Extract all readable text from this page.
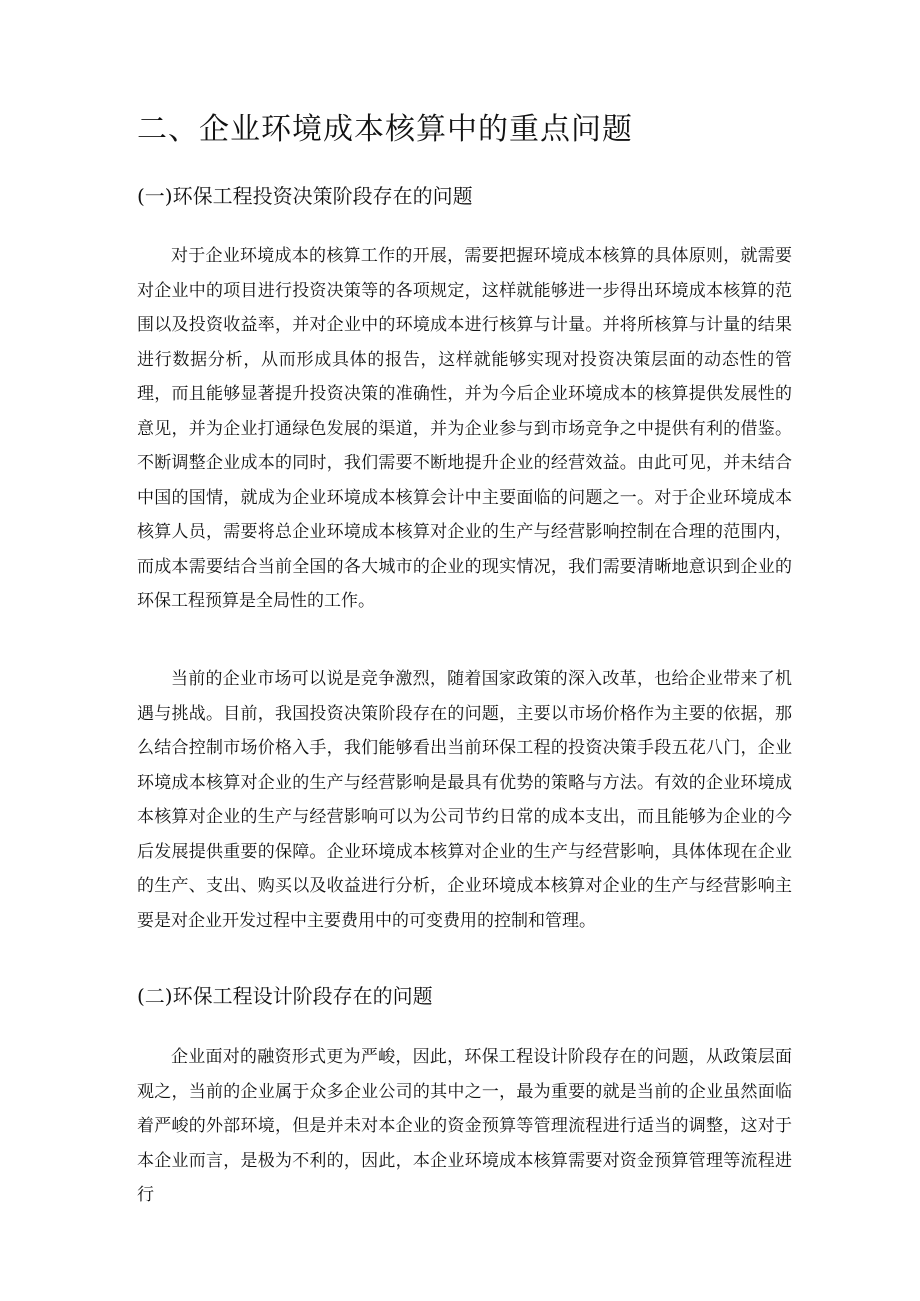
二、企业环境成本核算中的重点问题
(一)环保工程投资决策阶段存在的问题

对于企业环境成本的核算工作的开展，需要把握环境成本核算的具体原则，就需要对企业中的项目进行投资决策等的各项规定，这样就能够进一步得出环境成本核算的范围以及投资收益率，并对企业中的环境成本进行核算与计量。并将所核算与计量的结果进行数据分析，从而形成具体的报告，这样就能够实现对投资决策层面的动态性的管理，而且能够显著提升投资决策的准确性，并为今后企业环境成本的核算提供发展性的意见，并为企业打通绿色发展的渠道，并为企业参与到市场竞争之中提供有利的借鉴。不断调整企业成本的同时，我们需要不断地提升企业的经营效益。由此可见，并未结合中国的国情，就成为企业环境成本核算会计中主要面临的问题之一。对于企业环境成本核算人员，需要将总企业环境成本核算对企业的生产与经营影响控制在合理的范围内，而成本需要结合当前全国的各大城市的企业的现实情况，我们需要清晰地意识到企业的环保工程预算是全局性的工作。

当前的企业市场可以说是竞争激烈，随着国家政策的深入改革，也给企业带来了机遇与挑战。目前，我国投资决策阶段存在的问题，主要以市场价格作为主要的依据，那么结合控制市场价格入手，我们能够看出当前环保工程的投资决策手段五花八门，企业环境成本核算对企业的生产与经营影响是最具有优势的策略与方法。有效的企业环境成本核算对企业的生产与经营影响可以为公司节约日常的成本支出，而且能够为企业的今后发展提供重要的保障。企业环境成本核算对企业的生产与经营影响，具体体现在企业的生产、支出、购买以及收益进行分析，企业环境成本核算对企业的生产与经营影响主要是对企业开发过程中主要费用中的可变费用的控制和管理。

(二)环保工程设计阶段存在的问题

企业面对的融资形式更为严峻，因此，环保工程设计阶段存在的问题，从政策层面观之，当前的企业属于众多企业公司的其中之一，最为重要的就是当前的企业虽然面临着严峻的外部环境，但是并未对本企业的资金预算等管理流程进行适当的调整，这对于本企业而言，是极为不利的，因此，本企业环境成本核算需要对资金预算管理等流程进行
